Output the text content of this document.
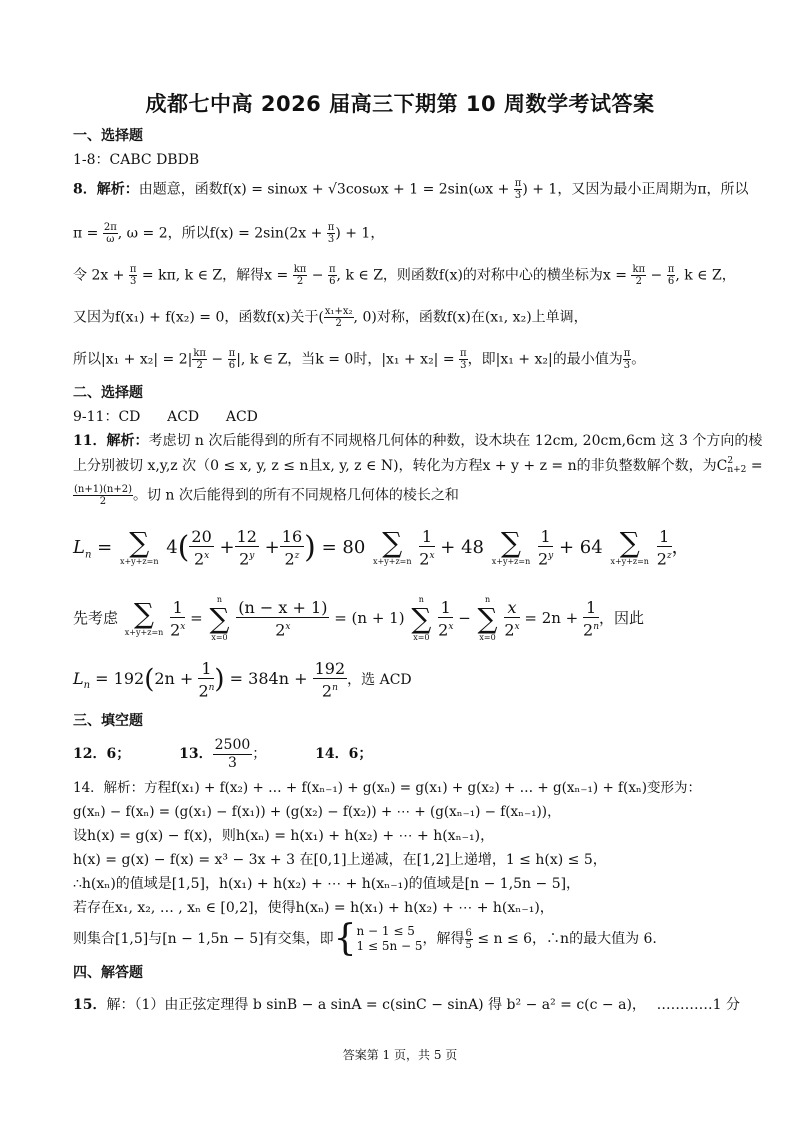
成都七中高 2026 届高三下期第 10 周数学考试答案
一、选择题
1-8：CABC DBDB
8．解析：由题意，函数$f(x) = \sin\omega x + √3\cos\omega x + 1 = 2\sin(\omega x + \frac{\pi}{3}$ ) + 1，又因为最小正周期为π，所以
$\pi = \frac{2\pi}{\omega}$ , ω = 2，所以$f(x) = 2\sin(2x + \frac{\pi}{3}$ ) + 1，
令 $2x + \frac{\pi}{3} = k\pi$, k ∈ Z，解得$x = \frac{k\pi}{2} - \frac{\pi}{6}$ , k ∈ Z，则函数f(x)的对称中心的横坐标为$x = \frac{k\pi}{2} - \frac{\pi}{6}$ , k ∈ Z，
又因为f(x₁) + f(x₂) = 0，函数f(x)关于( $\frac{\text{x₁+x₂}}{2}$ , 0)对称，函数f(x)在(x₁, x₂)上单调，
所以$|x_1 + x_2| = 2| \frac{k\pi}{2} - \frac{\pi}{6}$ |, k ∈ Z，当k = 0时，$|x_1 + x_2| = \frac{\pi}{3}$ ，即|x₁ + x₂|的最小值为 $\frac{\pi}{3}$ 。
二、选择题
9-11：CD      ACD      ACD
11．解析：考虑切 n 次后能得到的所有不同规格几何体的种数，设木块在 12cm, 20cm,6cm 这 3 个方向的棱
上分别被切 x,y,z 次（0 ≤ x, y, z ≤ n且x, y, z ∈ N)，转化为方程x + y + z = n的非负整数解个数，为C 2
n+2 =
$\frac{(n+1)(n+2)}{2}$ 。切 n 次后能得到的所有不同规格几何体的棱长之和
$L_n$ = ∑
x+y+z=n
$4( \frac{20}{2^x} + \frac{12}{2^y} + \frac{16}{2^z}$ ) = 80 ∑
x+y+z=n
$\frac{1}{2^x} + 48$ ∑
x+y+z=n
$\frac{1}{2^y} + 64$ ∑
x+y+z=n
$\frac{1}{2^z}$ ，
先考虑 ∑
x+y+z=n
$\frac{1}{2^x}$ =
n
∑
x=0
$\frac{(n - x + 1)}{2^x} = (n + 1)$
n
∑
x=0
$\frac{1}{2^x}$ −
n
∑
x=0
$\frac{x}{2^x} = 2n + \frac{1}{2^n}$ ，因此
$L_n = 192(2n + \frac{1}{2^n}$ ) = $384n + \frac{192}{2^n}$ ，选 ACD
三、填空题
12．6；	13． $\frac{2500}{3}$ ；	14．6；
14．解析：方程f(x₁) + f(x₂) + … + f(xₙ₋₁) + g(xₙ) = g(x₁) + g(x₂) + … + g(xₙ₋₁) + f(xₙ)变形为：
g(xₙ) − f(xₙ) = (g(x₁) − f(x₁)) + (g(x₂) − f(x₂)) + ⋯ + (g(xₙ₋₁) − f(xₙ₋₁))，
设h(x) = g(x) − f(x)，则h(xₙ) = h(x₁) + h(x₂) + ⋯ + h(xₙ₋₁)，
h(x) = g(x) − f(x) = x³ − 3x + 3 在[0,1]上递减，在[1,2]上递增，1 ≤ h(x) ≤ 5，
∴h(xₙ)的值域是[1,5]，h(x₁) + h(x₂) + ⋯ + h(xₙ₋₁)的值域是[n − 1,5n − 5]，
若存在x₁, x₂, … , xₙ ∈ [0,2]，使得h(xₙ) = h(x₁) + h(x₂) + ⋯ + h(xₙ₋₁)，
则集合[1,5]与[n − 1,5n − 5]有交集，即{ n − 1 ≤ 5
1 ≤ 5n − 5 ，解得 $\frac{6}{5} \le n \le 6$，∴n的最大值为 6.
四、解答题
15．解：（1）由正弦定理得 b sinB − a sinA = c(sinC − sinA) 得 b² − a² = c(c − a)， …………1 分
答案第 1 页，共 5 页
